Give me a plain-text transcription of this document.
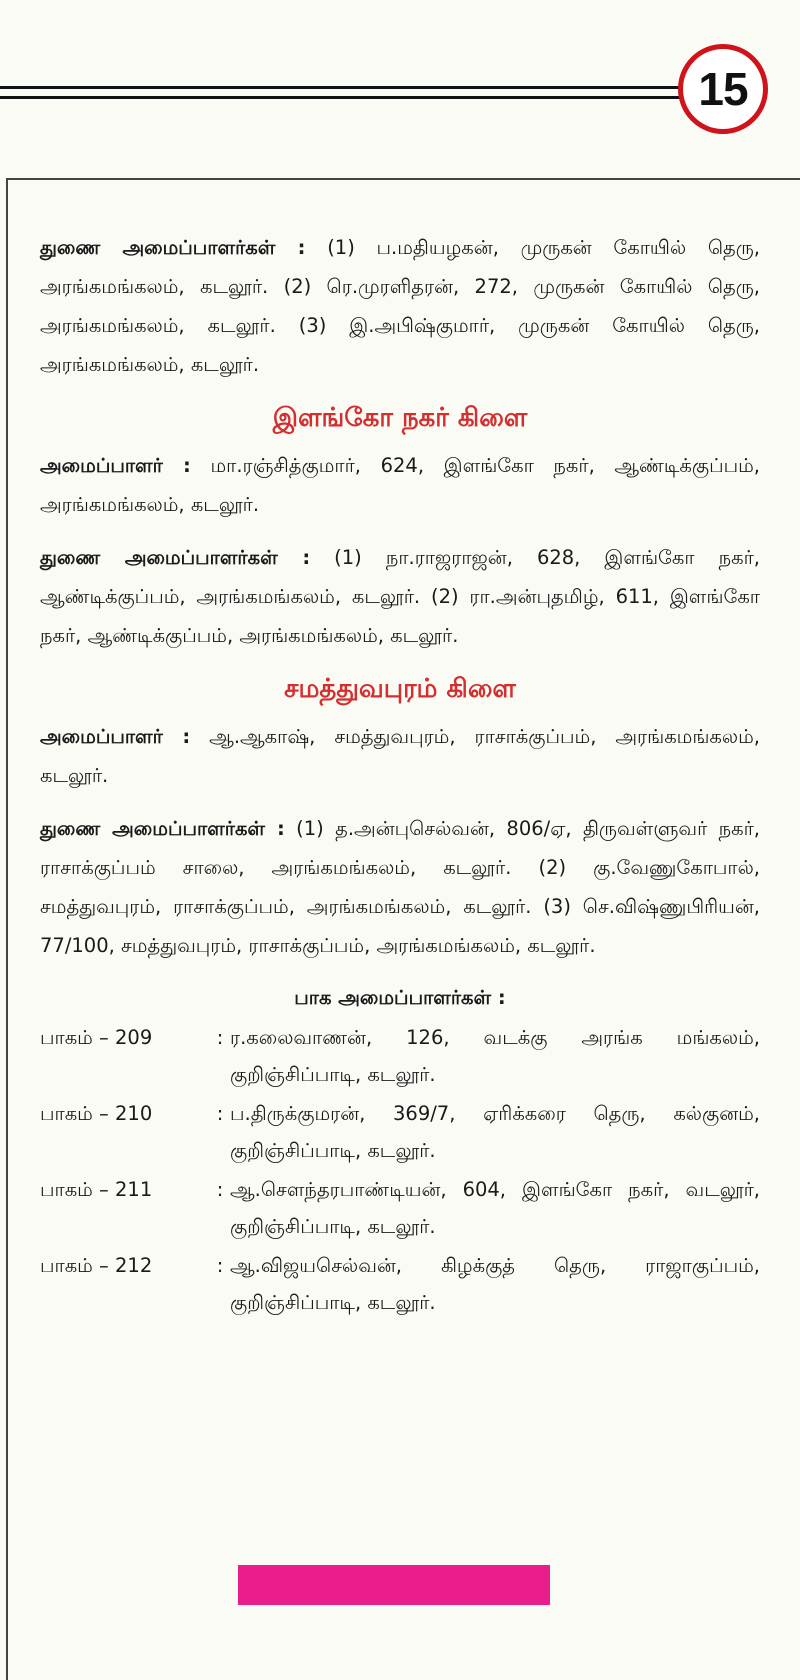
15

துணை அமைப்பாளர்கள் : (1) ப.மதியழகன், முருகன் கோயில் தெரு, அரங்கமங்கலம், கடலூர். (2) ரெ.முரளிதரன், 272, முருகன் கோயில் தெரு, அரங்கமங்கலம், கடலூர். (3) இ.அபிஷ்குமார், முருகன் கோயில் தெரு, அரங்கமங்கலம், கடலூர்.

இளங்கோ நகர் கிளை

அமைப்பாளர் : மா.ரஞ்சித்குமார், 624, இளங்கோ நகர், ஆண்டிக்குப்பம், அரங்கமங்கலம், கடலூர்.

துணை அமைப்பாளர்கள் : (1) நா.ராஜராஜன், 628, இளங்கோ நகர், ஆண்டிக்குப்பம், அரங்கமங்கலம், கடலூர். (2) ரா.அன்புதமிழ், 611, இளங்கோ நகர், ஆண்டிக்குப்பம், அரங்கமங்கலம், கடலூர்.

சமத்துவபுரம் கிளை

அமைப்பாளர் : ஆ.ஆகாஷ், சமத்துவபுரம், ராசாக்குப்பம், அரங்கமங்கலம், கடலூர்.

துணை அமைப்பாளர்கள் : (1) த.அன்புசெல்வன், 806/ஏ, திருவள்ளுவர் நகர், ராசாக்குப்பம் சாலை, அரங்கமங்கலம், கடலூர். (2) கு.வேணுகோபால், சமத்துவபுரம், ராசாக்குப்பம், அரங்கமங்கலம், கடலூர். (3) செ.விஷ்ணுபிரியன், 77/100, சமத்துவபுரம், ராசாக்குப்பம், அரங்கமங்கலம், கடலூர்.

பாக அமைப்பாளர்கள் :
பாகம் – 209	: ர.கலைவாணன், 126, வடக்கு அரங்க மங்கலம், குறிஞ்சிப்பாடி, கடலூர்.
பாகம் – 210	: ப.திருக்குமரன், 369/7, ஏரிக்கரை தெரு, கல்குனம், குறிஞ்சிப்பாடி, கடலூர்.
பாகம் – 211	: ஆ.சௌந்தரபாண்டியன், 604, இளங்கோ நகர், வடலூர், குறிஞ்சிப்பாடி, கடலூர்.
பாகம் – 212	: ஆ.விஜயசெல்வன், கிழக்குத் தெரு, ராஜாகுப்பம், குறிஞ்சிப்பாடி, கடலூர்.
